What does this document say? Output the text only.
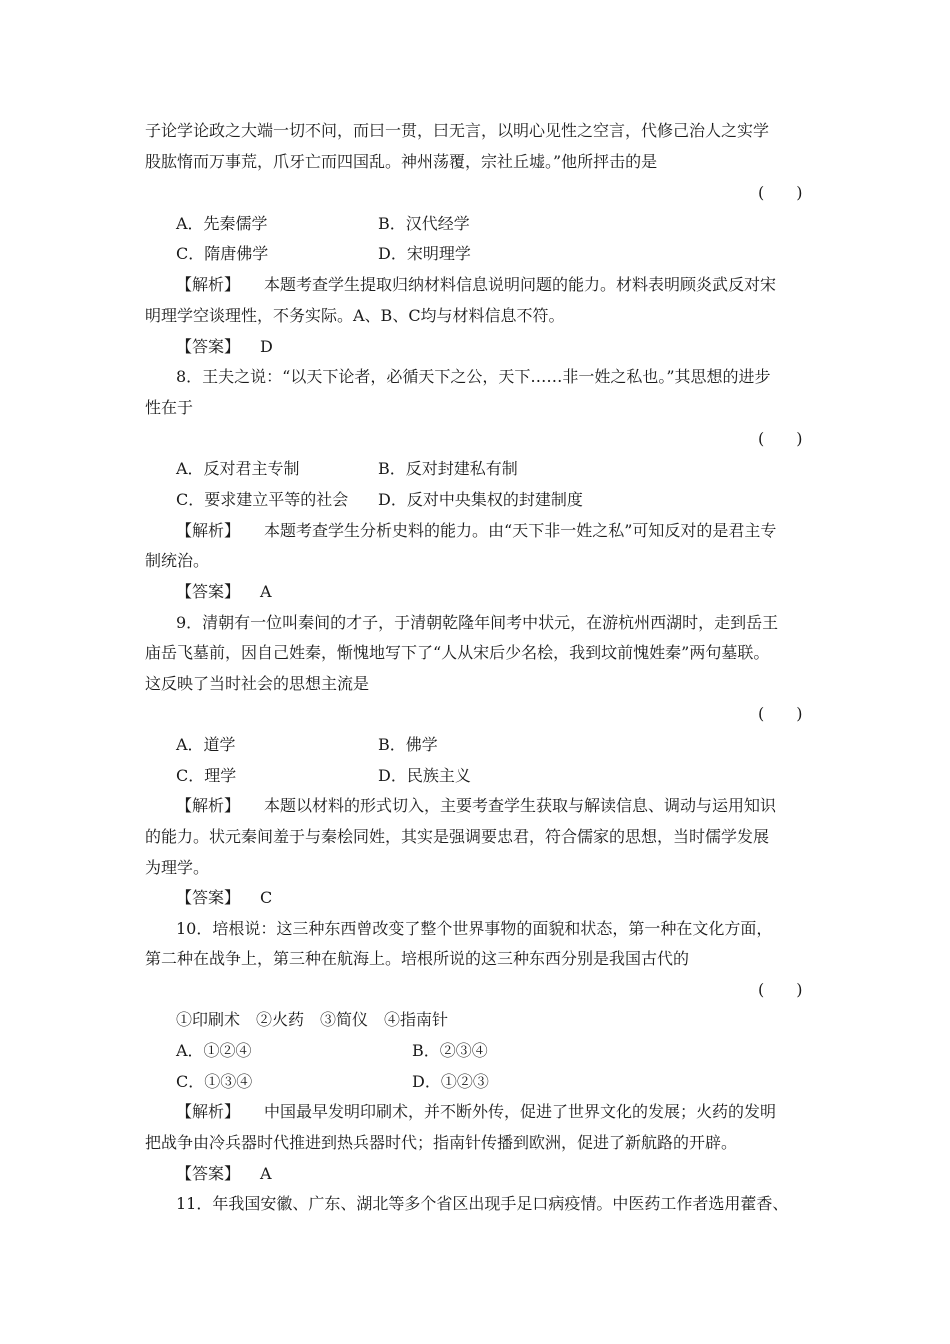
子论学论政之大端一切不问，而曰一贯，曰无言，以明心见性之空言，代修己治人之实学
股肱惰而万事荒，爪牙亡而四国乱。神州荡覆，宗社丘墟。”他所抨击的是
(　　)
A．先秦儒学	B．汉代经学
C．隋唐佛学	D．宋明理学
【解析】 本题考查学生提取归纳材料信息说明问题的能力。材料表明顾炎武反对宋
明理学空谈理性，不务实际。A、B、C均与材料信息不符。
【答案】 D
8．王夫之说：“以天下论者，必循天下之公，天下……非一姓之私也。”其思想的进步
性在于
(　　)
A．反对君主专制	B．反对封建私有制
C．要求建立平等的社会 D．反对中央集权的封建制度
【解析】 本题考查学生分析史料的能力。由“天下非一姓之私”可知反对的是君主专
制统治。
【答案】 A
9．清朝有一位叫秦间的才子，于清朝乾隆年间考中状元，在游杭州西湖时，走到岳王
庙岳飞墓前，因自己姓秦，惭愧地写下了“人从宋后少名桧，我到坟前愧姓秦”两句墓联。
这反映了当时社会的思想主流是
(　　)
A．道学	B．佛学
C．理学	D．民族主义
【解析】 本题以材料的形式切入，主要考查学生获取与解读信息、调动与运用知识
的能力。状元秦间羞于与秦桧同姓，其实是强调要忠君，符合儒家的思想，当时儒学发展
为理学。
【答案】 C
10．培根说：这三种东西曾改变了整个世界事物的面貌和状态，第一种在文化方面，
第二种在战争上，第三种在航海上。培根所说的这三种东西分别是我国古代的
(　　)
①印刷术　②火药　③简仪　④指南针
A．①②④	B．②③④
C．①③④	D．①②③
【解析】 中国最早发明印刷术，并不断外传，促进了世界文化的发展；火药的发明
把战争由冷兵器时代推进到热兵器时代；指南针传播到欧洲，促进了新航路的开辟。
【答案】 A
11．年我国安徽、广东、湖北等多个省区出现手足口病疫情。中医药工作者选用藿香、
